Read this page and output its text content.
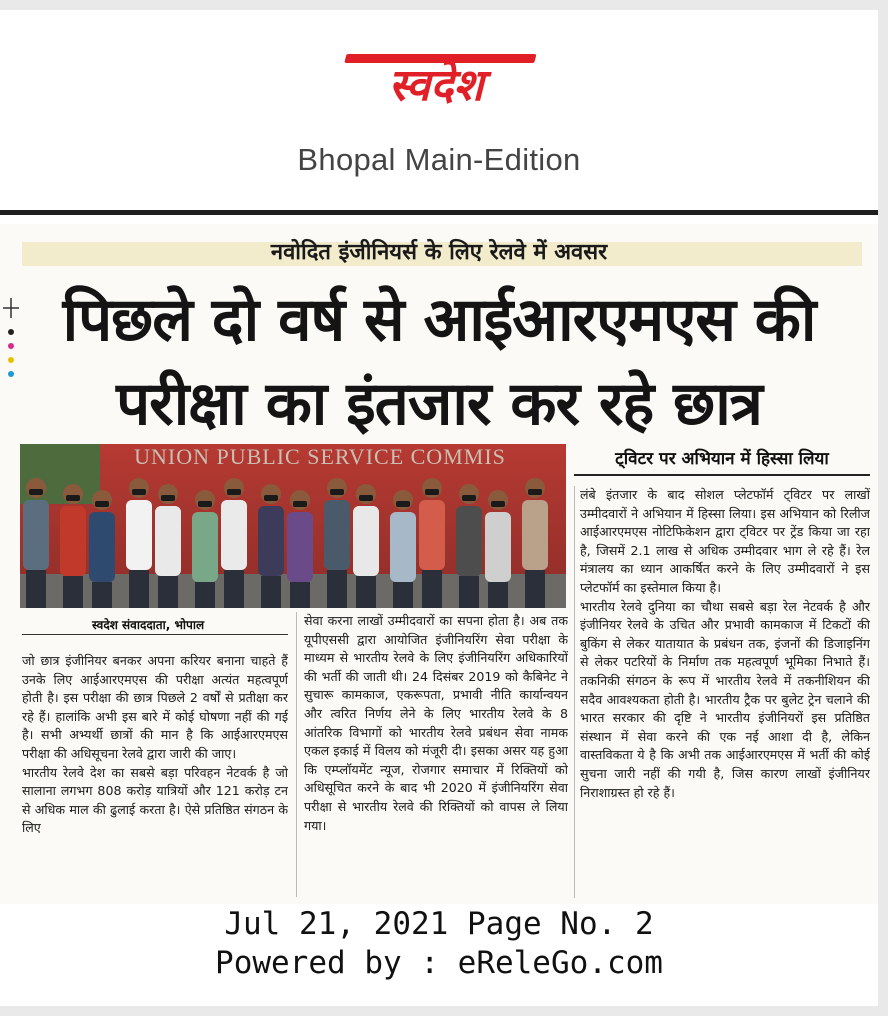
स्वदेश
Bhopal Main-Edition
नवोदित इंजीनियर्स के लिए रेलवे में अवसर
पिछले दो वर्ष से आईआरएमएस की
परीक्षा का इंतजार कर रहे छात्र
UNION PUBLIC SERVICE COMMIS	ट्विटर पर अभियान में हिस्सा लिया
स्वदेश संवाददाता, भोपाल

जो छात्र इंजीनियर बनकर अपना करियर बनाना चाहते हैं उनके लिए आईआरएमएस की परीक्षा अत्यंत महत्वपूर्ण होती है। इस परीक्षा की छात्र पिछले 2 वर्षों से प्रतीक्षा कर रहे हैं। हालांकि अभी इस बारे में कोई घोषणा नहीं की गई है। सभी अभ्यर्थी छात्रों की मान है कि आईआरएमएस परीक्षा की अधिसूचना रेलवे द्वारा जारी की जाए।

भारतीय रेलवे देश का सबसे बड़ा परिवहन नेटवर्क है जो सालाना लगभग 808 करोड़ यात्रियों और 121 करोड़ टन से अधिक माल की ढुलाई करता है। ऐसे प्रतिष्ठित संगठन के लिए

सेवा करना लाखों उम्मीदवारों का सपना होता है। अब तक यूपीएससी द्वारा आयोजित इंजीनियरिंग सेवा परीक्षा के माध्यम से भारतीय रेलवे के लिए इंजीनियरिंग अधिकारियों की भर्ती की जाती थी। 24 दिसंबर 2019 को कैबिनेट ने सुचारू कामकाज, एकरूपता, प्रभावी नीति कार्यान्वयन और त्वरित निर्णय लेने के लिए भारतीय रेलवे के 8 आंतरिक विभागों को भारतीय रेलवे प्रबंधन सेवा नामक एकल इकाई में विलय को मंजूरी दी। इसका असर यह हुआ कि एम्प्लॉयमेंट न्यूज, रोजगार समाचार में रिक्तियों को अधिसूचित करने के बाद भी 2020 में इंजीनियरिंग सेवा परीक्षा से भारतीय रेलवे की रिक्तियों को वापस ले लिया गया।

लंबे इंतजार के बाद सोशल प्लेटफॉर्म ट्विटर पर लाखों उम्मीदवारों ने अभियान में हिस्सा लिया। इस अभियान को रिलीज आईआरएमएस नोटिफिकेशन द्वारा ट्विटर पर ट्रेंड किया जा रहा है, जिसमें 2.1 लाख से अधिक उम्मीदवार भाग ले रहे हैं। रेल मंत्रालय का ध्यान आकर्षित करने के लिए उम्मीदवारों ने इस प्लेटफॉर्म का इस्तेमाल किया है।

भारतीय रेलवे दुनिया का चौथा सबसे बड़ा रेल नेटवर्क है और इंजीनियर रेलवे के उचित और प्रभावी कामकाज में टिकटों की बुकिंग से लेकर यातायात के प्रबंधन तक, इंजनों की डिजाइनिंग से लेकर पटरियों के निर्माण तक महत्वपूर्ण भूमिका निभाते हैं। तकनिकी संगठन के रूप में भारतीय रेलवे में तकनीशियन की सदैव आवश्यकता होती है। भारतीय ट्रैक पर बुलेट ट्रेन चलाने की भारत सरकार की दृष्टि ने भारतीय इंजीनियरों इस प्रतिष्ठित संस्थान में सेवा करने की एक नई आशा दी है, लेकिन वास्तविकता ये है कि अभी तक आईआरएमएस में भर्ती की कोई सुचना जारी नहीं की गयी है, जिस कारण लाखों इंजीनियर निराशाग्रस्त हो रहे हैं।

Jul 21, 2021 Page No. 2
Powered by : eReleGo.com
